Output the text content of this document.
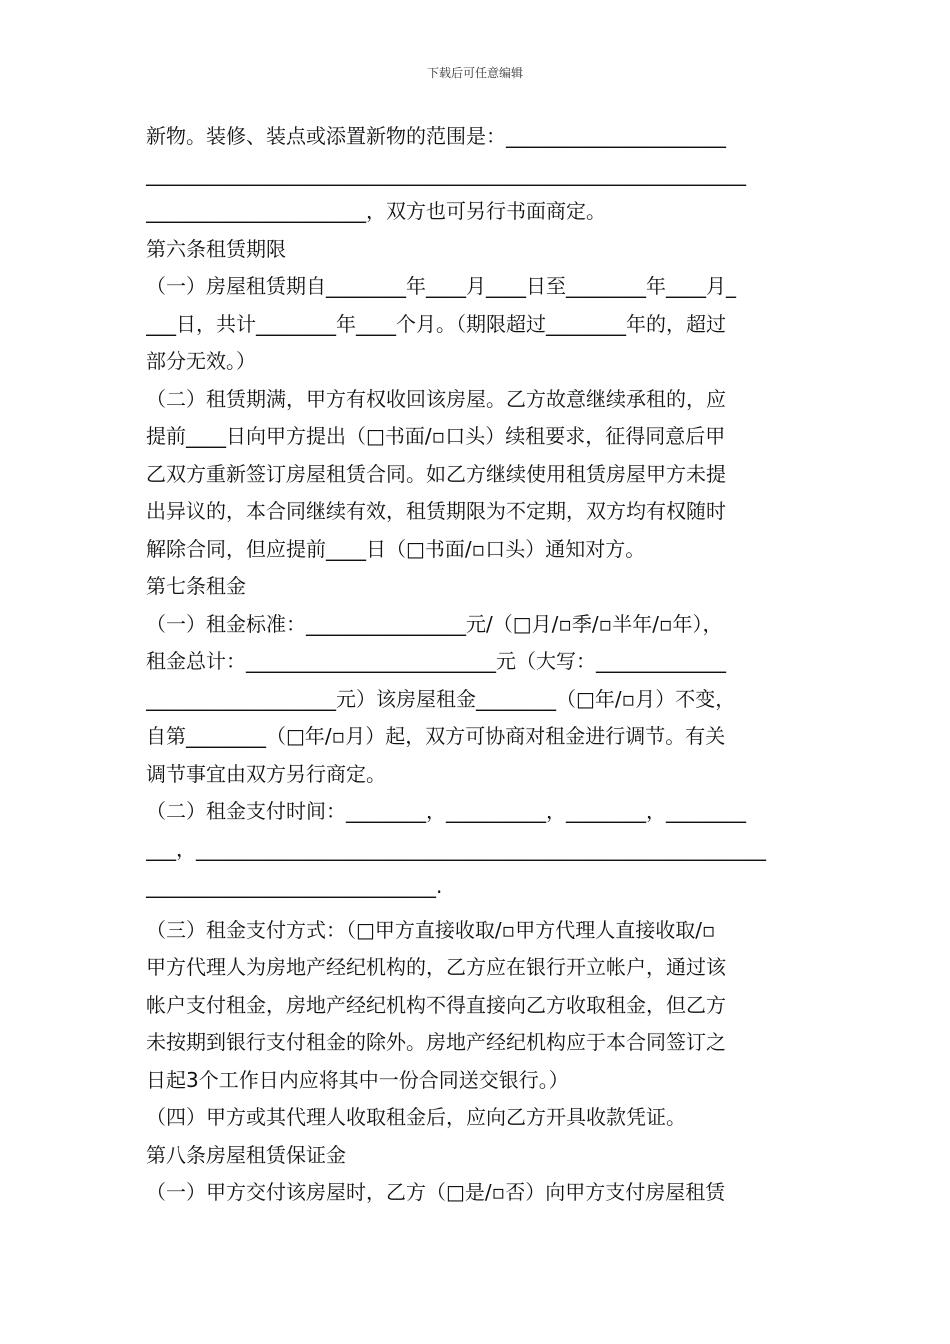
下载后可任意编辑
新物。装修、装点或添置新物的范围是：______________________
____________________________________________________________
______________________，双方也可另行书面商定。
第六条租赁期限
（一）房屋租赁期自________年____月____日至________年____月_
___日，共计________年____个月。（期限超过________年的，超过
部分无效。）
（二）租赁期满，甲方有权收回该房屋。乙方故意继续承租的，应
提前____日向甲方提出（□书面/▫口头）续租要求，征得同意后甲
乙双方重新签订房屋租赁合同。如乙方继续使用租赁房屋甲方未提
出异议的，本合同继续有效，租赁期限为不定期，双方均有权随时
解除合同，但应提前____日（□书面/▫口头）通知对方。
第七条租金
（一）租金标准：________________元/（□月/▫季/▫半年/▫年），
租金总计：_________________________元（大写：_____________
___________________元）该房屋租金________（□年/▫月）不变，
自第________（□年/▫月）起，双方可协商对租金进行调节。有关
调节事宜由双方另行商定。
（二）租金支付时间：________，__________，________，________
___，_________________________________________________________
_____________________________.
（三）租金支付方式：（□甲方直接收取/▫甲方代理人直接收取/▫
甲方代理人为房地产经纪机构的，乙方应在银行开立帐户，通过该
帐户支付租金，房地产经纪机构不得直接向乙方收取租金，但乙方
未按期到银行支付租金的除外。房地产经纪机构应于本合同签订之
日起3个工作日内应将其中一份合同送交银行。）
（四）甲方或其代理人收取租金后，应向乙方开具收款凭证。
第八条房屋租赁保证金
（一）甲方交付该房屋时，乙方（□是/▫否）向甲方支付房屋租赁
